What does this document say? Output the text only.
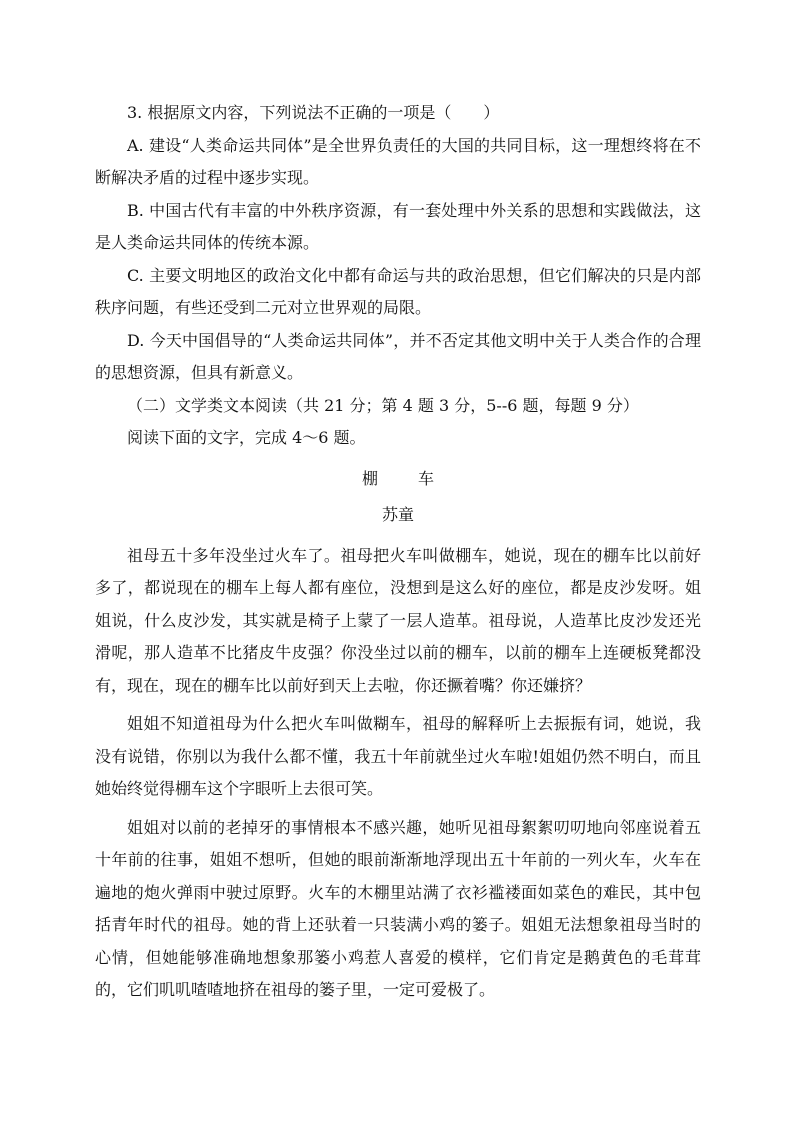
3. 根据原文内容，下列说法不正确的一项是（　　）

A. 建设“人类命运共同体”是全世界负责任的大国的共同目标，这一理想终将在不断解决矛盾的过程中逐步实现。

B. 中国古代有丰富的中外秩序资源，有一套处理中外关系的思想和实践做法，这是人类命运共同体的传统本源。

C. 主要文明地区的政治文化中都有命运与共的政治思想，但它们解决的只是内部秩序问题，有些还受到二元对立世界观的局限。

D. 今天中国倡导的“人类命运共同体”，并不否定其他文明中关于人类合作的合理的思想资源，但具有新意义。

（二）文学类文本阅读（共 21 分；第 4 题 3 分，5--6 题，每题 9 分）

阅读下面的文字，完成 4～6 题。

棚	车

苏童

祖母五十多年没坐过火车了。祖母把火车叫做棚车，她说，现在的棚车比以前好多了，都说现在的棚车上每人都有座位，没想到是这么好的座位，都是皮沙发呀。姐姐说，什么皮沙发，其实就是椅子上蒙了一层人造革。祖母说，人造革比皮沙发还光滑呢，那人造革不比猪皮牛皮强？你没坐过以前的棚车，以前的棚车上连硬板凳都没有，现在，现在的棚车比以前好到天上去啦，你还撅着嘴？你还嫌挤？

姐姐不知道祖母为什么把火车叫做糊车，祖母的解释听上去振振有词，她说，我没有说错，你别以为我什么都不懂，我五十年前就坐过火车啦!姐姐仍然不明白，而且她始终觉得棚车这个字眼听上去很可笑。

姐姐对以前的老掉牙的事情根本不感兴趣，她听见祖母絮絮叨叨地向邻座说着五十年前的往事，姐姐不想听，但她的眼前渐渐地浮现出五十年前的一列火车，火车在遍地的炮火弹雨中驶过原野。火车的木棚里站满了衣衫褴褛面如菜色的难民，其中包括青年时代的祖母。她的背上还驮着一只装满小鸡的篓子。姐姐无法想象祖母当时的心情，但她能够准确地想象那篓小鸡惹人喜爱的模样，它们肯定是鹅黄色的毛茸茸的，它们叽叽喳喳地挤在祖母的篓子里，一定可爱极了。
